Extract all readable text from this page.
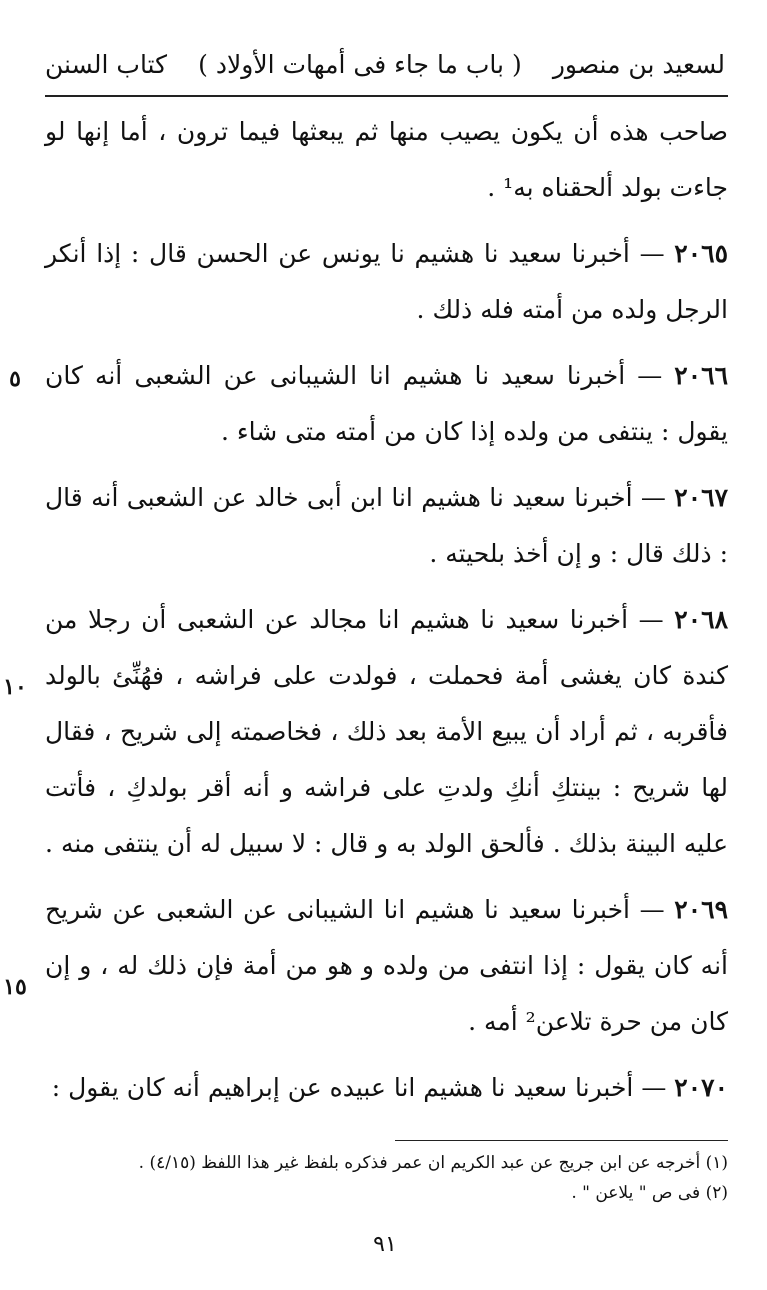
كتاب السنن ( باب ما جاء فى أمهات الأولاد ) لسعيد بن منصور

صاحب هذه أن يكون يصيب منها ثم يبعثها فيما ترون ، أما إنها لو جاءت بولد ألحقناه به¹ .

٢٠٦٥ — أخبرنا سعيد نا هشيم نا يونس عن الحسن قال : إذا أنكر الرجل ولده من أمته فله ذلك .

٢٠٦٦ — أخبرنا سعيد نا هشيم انا الشيبانى عن الشعبى أنه كان يقول : ينتفى من ولده إذا كان من أمته متى شاء .

٢٠٦٧ — أخبرنا سعيد نا هشيم انا ابن أبى خالد عن الشعبى أنه قال : ذلك قال : و إن أخذ بلحيته .

٢٠٦٨ — أخبرنا سعيد نا هشيم انا مجالد عن الشعبى أن رجلا من كندة كان يغشى أمة فحملت ، فولدت على فراشه ، فهُنِّئ بالولد فأقربه ، ثم أراد أن يبيع الأمة بعد ذلك ، فخاصمته إلى شريح ، فقال لها شريح : بينتكِ أنكِ ولدتِ على فراشه و أنه أقر بولدكِ ، فأتت عليه البينة بذلك . فألحق الولد به و قال : لا سبيل له أن ينتفى منه .

٢٠٦٩ — أخبرنا سعيد نا هشيم انا الشيبانى عن الشعبى عن شريح أنه كان يقول : إذا انتفى من ولده و هو من أمة فإن ذلك له ، و إن كان من حرة تلاعن² أمه .

٢٠٧٠ — أخبرنا سعيد نا هشيم انا عبيده عن إبراهيم أنه كان يقول :

٥
١٠
١٥

(١) أخرجه عن ابن جريج عن عبد الكريم ان عمر فذكره بلفظ غير هذا اللفظ (٤/١٥) .

(٢) فى ص " يلاعن " .

٩١
